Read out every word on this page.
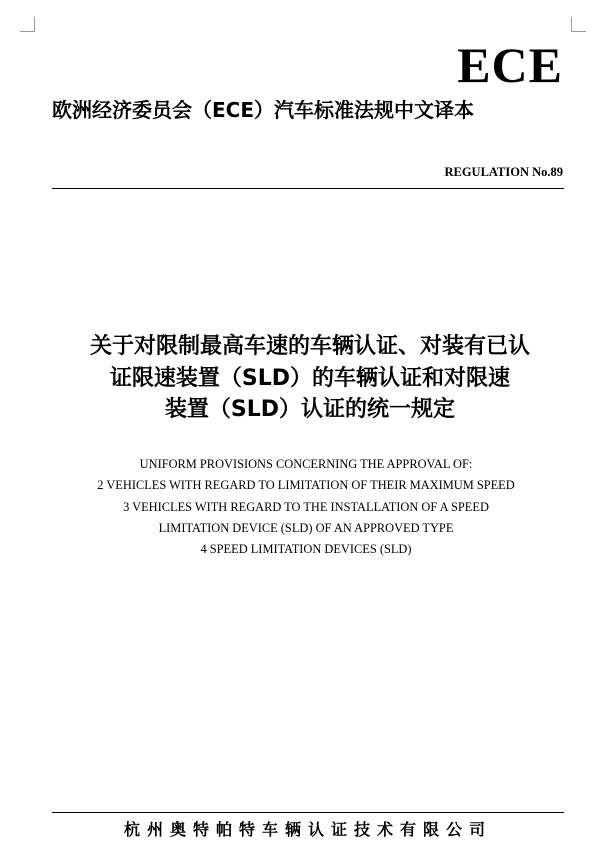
ECE
欧洲经济委员会（ECE）汽车标准法规中文译本
REGULATION No.89
关于对限制最高车速的车辆认证、对装有已认
证限速装置（SLD）的车辆认证和对限速
装置（SLD）认证的统一规定
UNIFORM PROVISIONS CONCERNING THE APPROVAL OF:
2 VEHICLES WITH REGARD TO LIMITATION OF THEIR MAXIMUM SPEED
3 VEHICLES WITH REGARD TO THE INSTALLATION OF A SPEED
LIMITATION DEVICE (SLD) OF AN APPROVED TYPE
4 SPEED LIMITATION DEVICES (SLD)
杭州奥特帕特车辆认证技术有限公司
